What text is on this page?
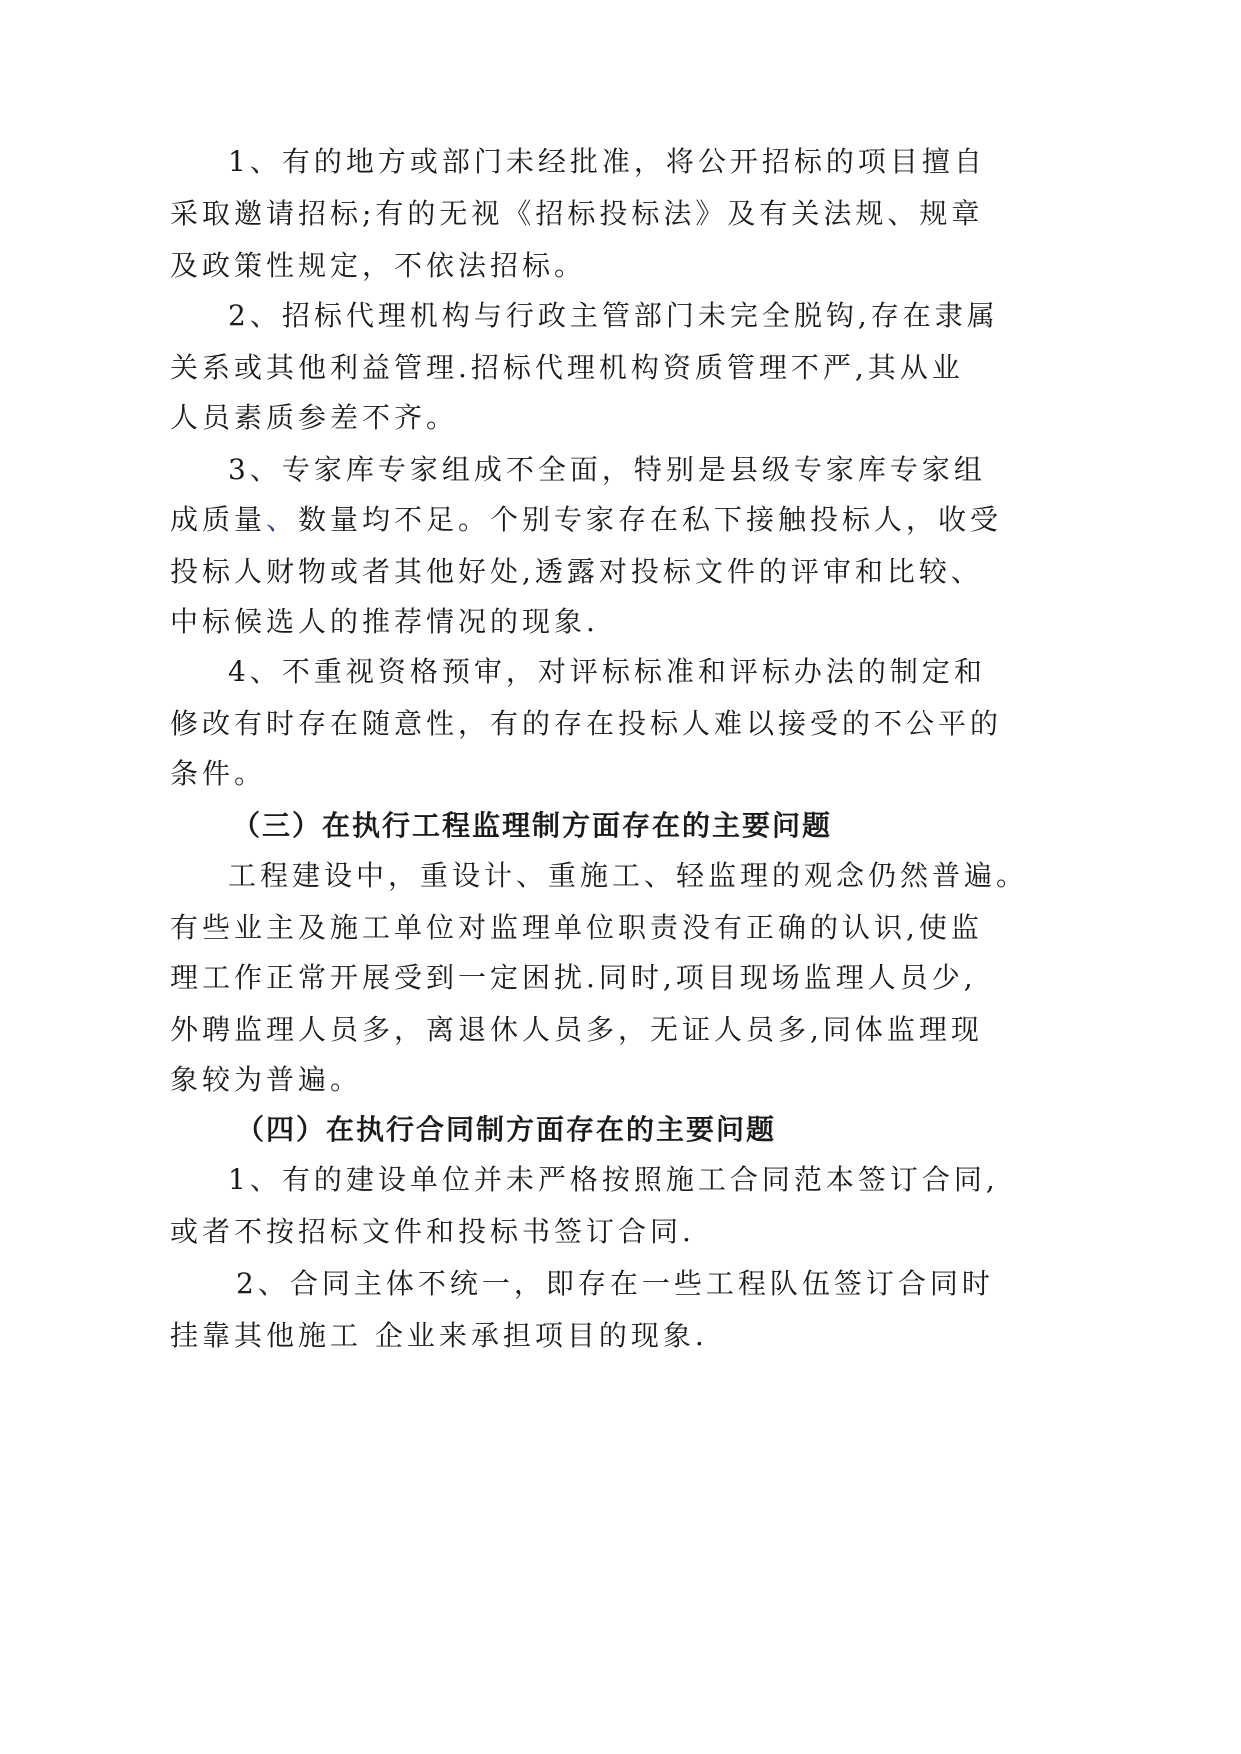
1、有的地方或部门未经批准，将公开招标的项目擅自
采取邀请招标;有的无视《招标投标法》及有关法规、规章
及政策性规定，不依法招标。
2、招标代理机构与行政主管部门未完全脱钩,存在隶属
关系或其他利益管理.招标代理机构资质管理不严,其从业
人员素质参差不齐。
3、专家库专家组成不全面，特别是县级专家库专家组
成质量、数量均不足。个别专家存在私下接触投标人，收受
投标人财物或者其他好处,透露对投标文件的评审和比较、
中标候选人的推荐情况的现象.
4、不重视资格预审，对评标标准和评标办法的制定和
修改有时存在随意性，有的存在投标人难以接受的不公平的
条件。
（三）在执行工程监理制方面存在的主要问题
工程建设中，重设计、重施工、轻监理的观念仍然普遍。
有些业主及施工单位对监理单位职责没有正确的认识,使监
理工作正常开展受到一定困扰.同时,项目现场监理人员少,
外聘监理人员多，离退休人员多，无证人员多,同体监理现
象较为普遍。
（四）在执行合同制方面存在的主要问题
1、有的建设单位并未严格按照施工合同范本签订合同,
或者不按招标文件和投标书签订合同.
2、合同主体不统一，即存在一些工程队伍签订合同时
挂靠其他施工 企业来承担项目的现象.
